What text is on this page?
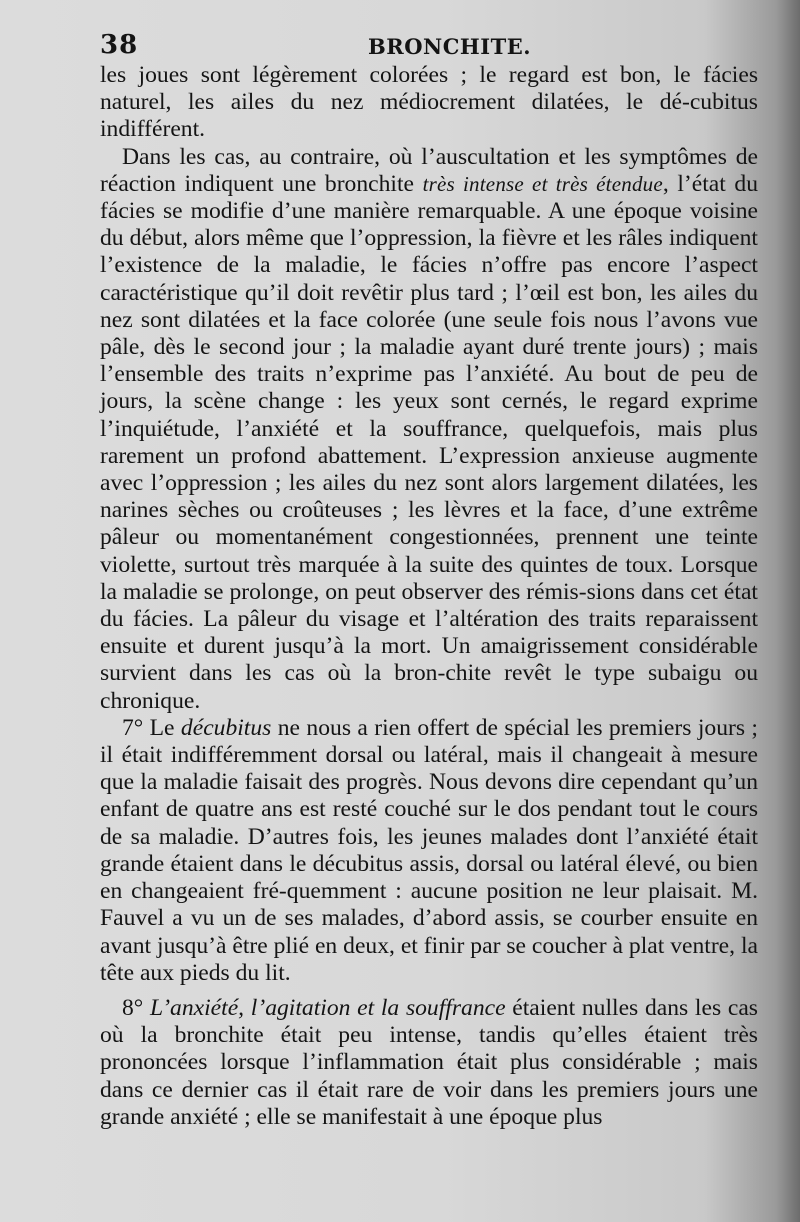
38	BRONCHITE.

les joues sont légèrement colorées ; le regard est bon, le fácies naturel, les ailes du nez médiocrement dilatées, le dé-cubitus indifférent.

Dans les cas, au contraire, où l’auscultation et les symptômes de réaction indiquent une bronchite très intense et très étendue, l’état du fácies se modifie d’une manière remarquable. A une époque voisine du début, alors même que l’oppression, la fièvre et les râles indiquent l’existence de la maladie, le fácies n’offre pas encore l’aspect caractéristique qu’il doit revêtir plus tard ; l’œil est bon, les ailes du nez sont dilatées et la face colorée (une seule fois nous l’avons vue pâle, dès le second jour ; la maladie ayant duré trente jours) ; mais l’ensemble des traits n’exprime pas l’anxiété. Au bout de peu de jours, la scène change : les yeux sont cernés, le regard exprime l’inquiétude, l’anxiété et la souffrance, quelquefois, mais plus rarement un profond abattement. L’expression anxieuse augmente avec l’oppression ; les ailes du nez sont alors largement dilatées, les narines sèches ou croûteuses ; les lèvres et la face, d’une extrême pâleur ou momentanément congestionnées, prennent une teinte violette, surtout très marquée à la suite des quintes de toux. Lorsque la maladie se prolonge, on peut observer des rémis-sions dans cet état du fácies. La pâleur du visage et l’altération des traits reparaissent ensuite et durent jusqu’à la mort. Un amaigrissement considérable survient dans les cas où la bron-chite revêt le type subaigu ou chronique.

7° Le décubitus ne nous a rien offert de spécial les premiers jours ; il était indifféremment dorsal ou latéral, mais il changeait à mesure que la maladie faisait des progrès. Nous devons dire cependant qu’un enfant de quatre ans est resté couché sur le dos pendant tout le cours de sa maladie. D’autres fois, les jeunes malades dont l’anxiété était grande étaient dans le décubitus assis, dorsal ou latéral élevé, ou bien en changeaient fré-quemment : aucune position ne leur plaisait. M. Fauvel a vu un de ses malades, d’abord assis, se courber ensuite en avant jusqu’à être plié en deux, et finir par se coucher à plat ventre, la tête aux pieds du lit.

8° L’anxiété, l’agitation et la souffrance étaient nulles dans les cas où la bronchite était peu intense, tandis qu’elles étaient très prononcées lorsque l’inflammation était plus considérable ; mais dans ce dernier cas il était rare de voir dans les premiers jours une grande anxiété ; elle se manifestait à une époque plus
